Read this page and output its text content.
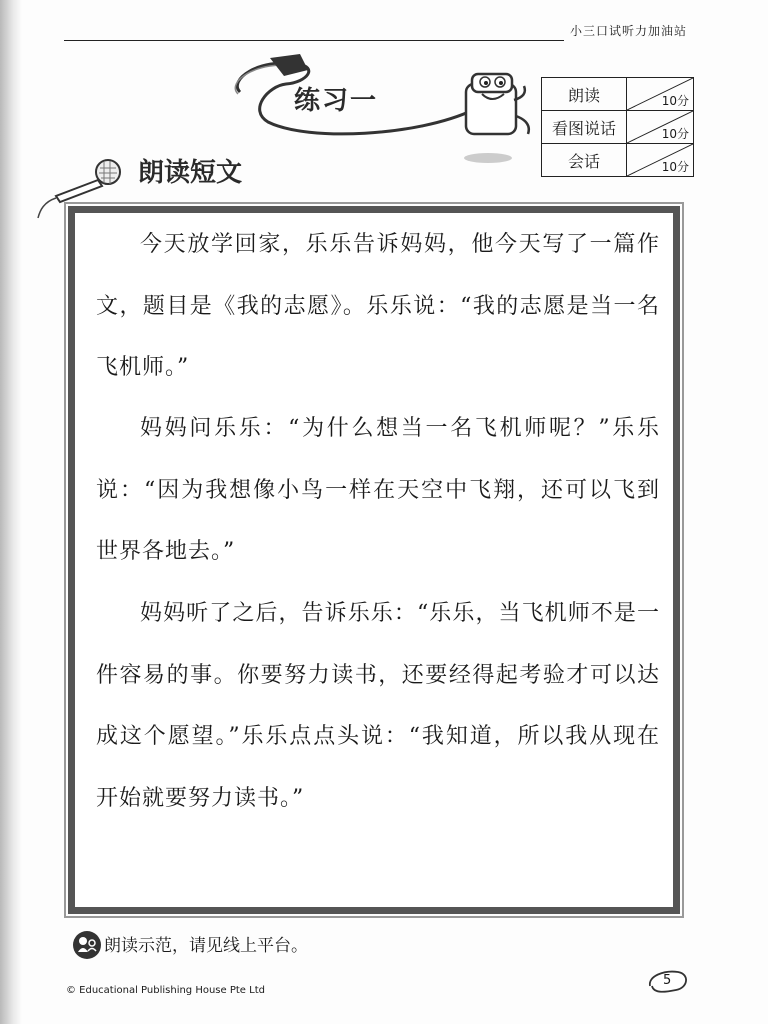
小三口试听力加油站
练习一	朗读	10分

看图说话	10分

会话	10分
朗读短文

今天放学回家，乐乐告诉妈妈，他今天写了一篇作文，题目是《我的志愿》。乐乐说：“我的志愿是当一名飞机师。”

妈妈问乐乐：“为什么想当一名飞机师呢？”乐乐说：“因为我想像小鸟一样在天空中飞翔，还可以飞到世界各地去。”

妈妈听了之后，告诉乐乐：“乐乐，当飞机师不是一件容易的事。你要努力读书，还要经得起考验才可以达成这个愿望。”乐乐点点头说：“我知道，所以我从现在开始就要努力读书。”

朗读示范，请见线上平台。
© Educational Publishing House Pte Ltd
5
